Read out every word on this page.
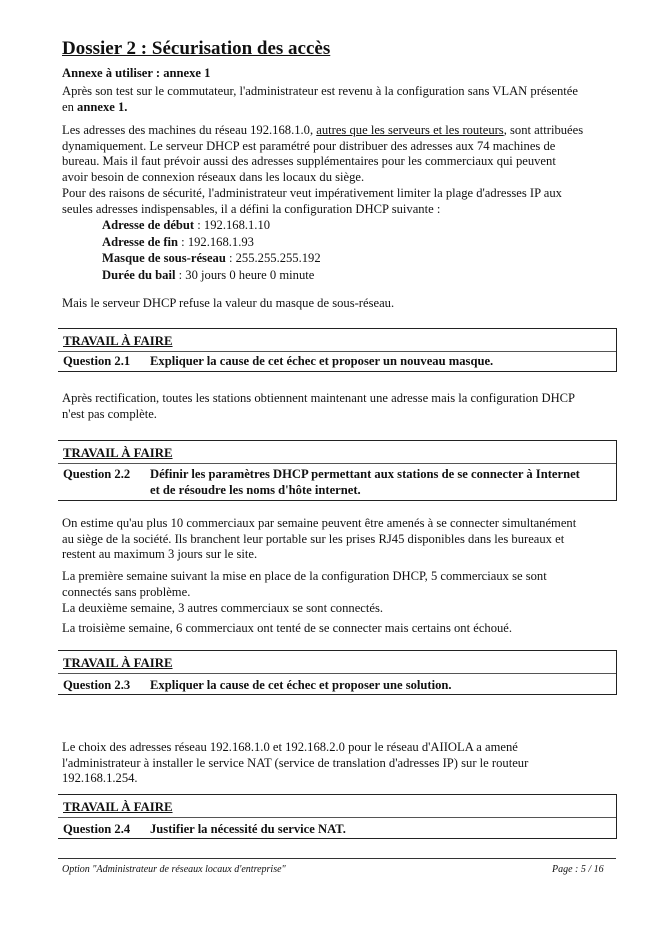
Dossier 2 : Sécurisation des accès
Annexe à utiliser : annexe 1
Après son test sur le commutateur, l'administrateur est revenu à la configuration sans VLAN présentée
en annexe 1.
Les adresses des machines du réseau 192.168.1.0, autres que les serveurs et les routeurs, sont attribuées
dynamiquement. Le serveur DHCP est paramétré pour distribuer des adresses aux 74 machines de
bureau. Mais il faut prévoir aussi des adresses supplémentaires pour les commerciaux qui peuvent
avoir besoin de connexion réseaux dans les locaux du siège.
Pour des raisons de sécurité, l'administrateur veut impérativement limiter la plage d'adresses IP aux
seules adresses indispensables, il a défini la configuration DHCP suivante :
Adresse de début : 192.168.1.10
Adresse de fin : 192.168.1.93
Masque de sous-réseau : 255.255.255.192
Durée du bail : 30 jours 0 heure 0 minute
Mais le serveur DHCP refuse la valeur du masque de sous-réseau.
TRAVAIL À FAIRE
Question 2.1 Expliquer la cause de cet échec et proposer un nouveau masque.
Après rectification, toutes les stations obtiennent maintenant une adresse mais la configuration DHCP
n'est pas complète.
TRAVAIL À FAIRE
Question 2.2 Définir les paramètres DHCP permettant aux stations de se connecter à Internet
et de résoudre les noms d'hôte internet.
On estime qu'au plus 10 commerciaux par semaine peuvent être amenés à se connecter simultanément
au siège de la société. Ils branchent leur portable sur les prises RJ45 disponibles dans les bureaux et
restent au maximum 3 jours sur le site.
La première semaine suivant la mise en place de la configuration DHCP, 5 commerciaux se sont
connectés sans problème.
La deuxième semaine, 3 autres commerciaux se sont connectés.
La troisième semaine, 6 commerciaux ont tenté de se connecter mais certains ont échoué.
TRAVAIL À FAIRE
Question 2.3 Expliquer la cause de cet échec et proposer une solution.
Le choix des adresses réseau 192.168.1.0 et 192.168.2.0 pour le réseau d'AIIOLA a amené
l'administrateur à installer le service NAT (service de translation d'adresses IP) sur le routeur
192.168.1.254.
TRAVAIL À FAIRE
Question 2.4 Justifier la nécessité du service NAT.
Option "Administrateur de réseaux locaux d'entreprise"	Page : 5 / 16
